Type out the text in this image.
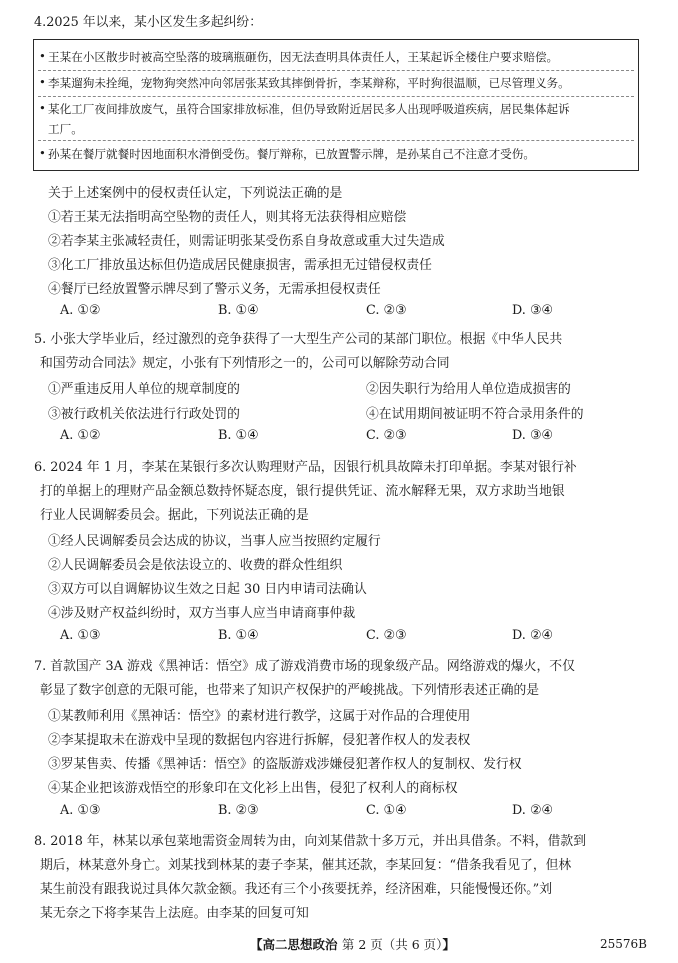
4.2025 年以来，某小区发生多起纠纷：
• 王某在小区散步时被高空坠落的玻璃瓶砸伤，因无法查明具体责任人，王某起诉全楼住户要求赔偿。
• 李某遛狗未拴绳，宠物狗突然冲向邻居张某致其摔倒骨折，李某辩称，平时狗很温顺，已尽管理义务。
• 某化工厂夜间排放废气，虽符合国家排放标准，但仍导致附近居民多人出现呼吸道疾病，居民集体起诉
工厂。
• 孙某在餐厅就餐时因地面积水滑倒受伤。餐厅辩称，已放置警示牌，是孙某自己不注意才受伤。
关于上述案例中的侵权责任认定，下列说法正确的是
①若王某无法指明高空坠物的责任人，则其将无法获得相应赔偿
②若李某主张减轻责任，则需证明张某受伤系自身故意或重大过失造成
③化工厂排放虽达标但仍造成居民健康损害，需承担无过错侵权责任
④餐厅已经放置警示牌尽到了警示义务，无需承担侵权责任
A. ①②	B. ①④	C. ②③	D. ③④
5. 小张大学毕业后，经过激烈的竞争获得了一大型生产公司的某部门职位。根据《中华人民共
和国劳动合同法》规定，小张有下列情形之一的，公司可以解除劳动合同
①严重违反用人单位的规章制度的	②因失职行为给用人单位造成损害的
③被行政机关依法进行行政处罚的	④在试用期间被证明不符合录用条件的
A. ①②	B. ①④	C. ②③	D. ③④
6. 2024 年 1 月，李某在某银行多次认购理财产品，因银行机具故障未打印单据。李某对银行补
打的单据上的理财产品金额总数持怀疑态度，银行提供凭证、流水解释无果，双方求助当地银
行业人民调解委员会。据此，下列说法正确的是
①经人民调解委员会达成的协议，当事人应当按照约定履行
②人民调解委员会是依法设立的、收费的群众性组织
③双方可以自调解协议生效之日起 30 日内申请司法确认
④涉及财产权益纠纷时，双方当事人应当申请商事仲裁
A. ①③	B. ①④	C. ②③	D. ②④
7. 首款国产 3A 游戏《黑神话：悟空》成了游戏消费市场的现象级产品。网络游戏的爆火，不仅
彰显了数字创意的无限可能，也带来了知识产权保护的严峻挑战。下列情形表述正确的是
①某教师利用《黑神话：悟空》的素材进行教学，这属于对作品的合理使用
②李某提取未在游戏中呈现的数据包内容进行拆解，侵犯著作权人的发表权
③罗某售卖、传播《黑神话：悟空》的盗版游戏涉嫌侵犯著作权人的复制权、发行权
④某企业把该游戏悟空的形象印在文化衫上出售，侵犯了权利人的商标权
A. ①③	B. ②③	C. ①④	D. ②④
8. 2018 年，林某以承包菜地需资金周转为由，向刘某借款十多万元，并出具借条。不料，借款到
期后，林某意外身亡。刘某找到林某的妻子李某，催其还款，李某回复：“借条我看见了，但林
某生前没有跟我说过具体欠款金额。我还有三个小孩要抚养，经济困难，只能慢慢还你。”刘
某无奈之下将李某告上法庭。由李某的回复可知
【高二思想政治 第 2 页（共 6 页）】	25576B
